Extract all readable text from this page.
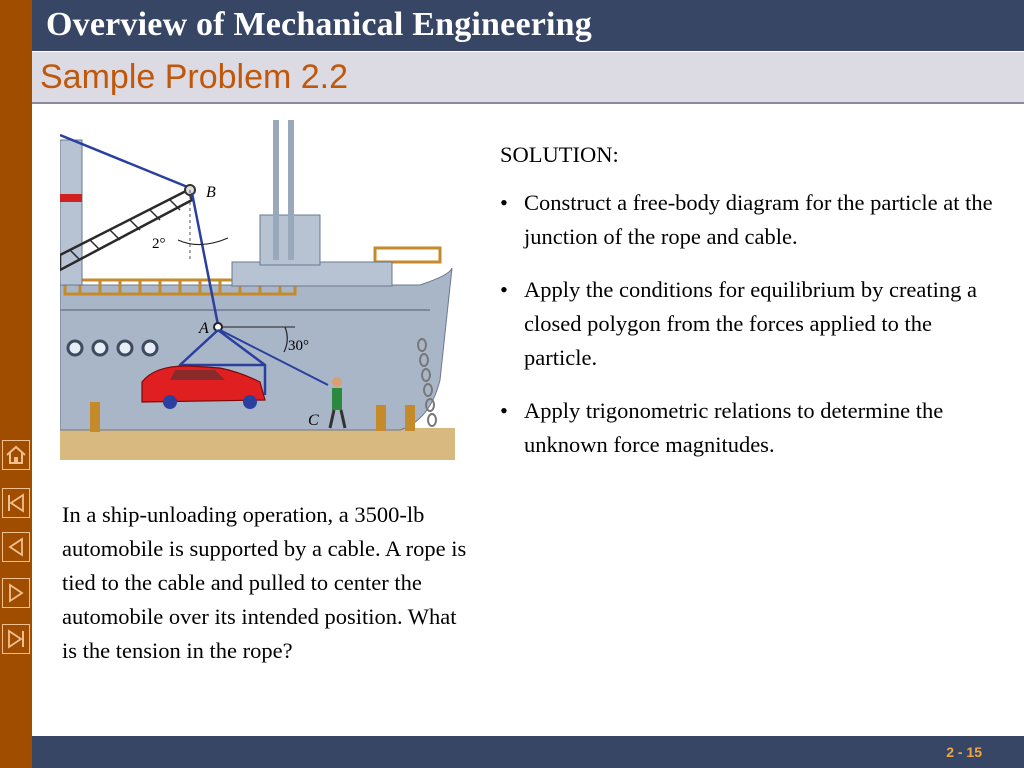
Overview of Mechanical Engineering
Sample Problem 2.2
B
A
C
2°
30°
In a ship-unloading operation, a 3500-lb automobile is supported by a cable. A rope is tied to the cable and pulled to center the automobile over its intended position. What is the tension in the rope?
SOLUTION:
• Construct a free-body diagram for the particle at the junction of the rope and cable.
• Apply the conditions for equilibrium by creating a closed polygon from the forces applied to the particle.
• Apply trigonometric relations to determine the unknown force magnitudes.
2 - 15
